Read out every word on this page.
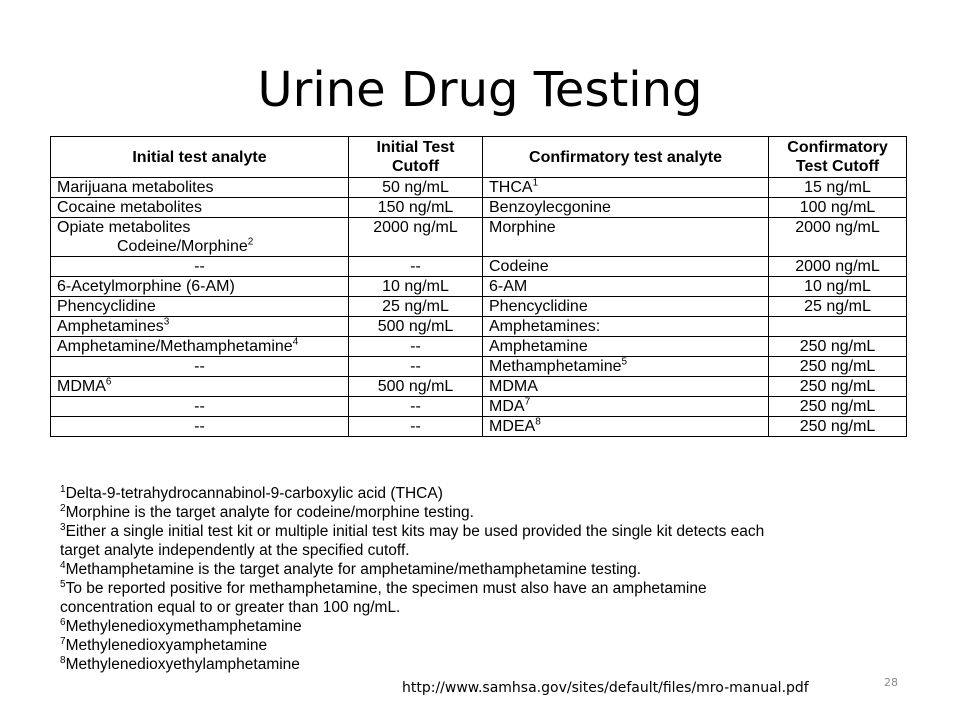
Urine Drug Testing
Initial test analyte	Initial Test Cutoff	Confirmatory test analyte	Confirmatory Test Cutoff
Marijuana metabolites	50 ng/mL	THCA$^1$	15 ng/mL
Cocaine metabolites	150 ng/mL	Benzoylecgonine	100 ng/mL

Opiate metabolites
Codeine/Morphine$^2$	2000 ng/mL	Morphine	2000 ng/mL
--	--	Codeine	2000 ng/mL
6-Acetylmorphine (6-AM)	10 ng/mL	6-AM	10 ng/mL
Phencyclidine	25 ng/mL	Phencyclidine	25 ng/mL
Amphetamines$^3$	500 ng/mL	Amphetamines:	
Amphetamine/Methamphetamine$^4$	--	Amphetamine	250 ng/mL
--	--	Methamphetamine$^5$	250 ng/mL
MDMA$^6$	500 ng/mL	MDMA	250 ng/mL
--	--	MDA$^7$	250 ng/mL
--	--	MDEA$^8$	250 ng/mL
$^1$Delta-9-tetrahydrocannabinol-9-carboxylic acid (THCA)
$^2$Morphine is the target analyte for codeine/morphine testing.
$^3$Either a single initial test kit or multiple initial test kits may be used provided the single kit detects each
target analyte independently at the specified cutoff.
$^4$Methamphetamine is the target analyte for amphetamine/methamphetamine testing.
$^5$To be reported positive for methamphetamine, the specimen must also have an amphetamine
concentration equal to or greater than 100 ng/mL.
$^6$Methylenedioxymethamphetamine
$^7$Methylenedioxyamphetamine
$^8$Methylenedioxyethylamphetamine
http://www.samhsa.gov/sites/default/files/mro-manual.pdf	28
